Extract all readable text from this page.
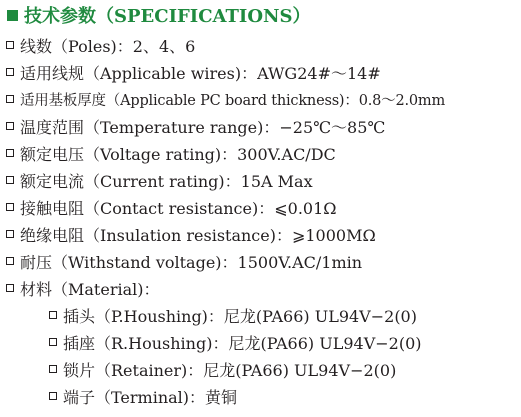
技术参数（SPECIFICATIONS）
线数（Poles)：2、4、6
适用线规（Applicable wires)：AWG24#～14#
适用基板厚度（Applicable PC board thickness)：0.8～2.0mm
温度范围（Temperature range)：−25℃～85℃
额定电压（Voltage rating)：300V.AC/DC
额定电流（Current rating)：15A Max
接触电阻（Contact resistance)：⩽0.01Ω
绝缘电阻（Insulation resistance)：⩾1000MΩ
耐压（Withstand voltage)：1500V.AC/1min
材料（Material)：
插头（P.Houshing)：尼龙(PA66) UL94V−2(0)
插座（R.Houshing)：尼龙(PA66) UL94V−2(0)
锁片（Retainer)：尼龙(PA66) UL94V−2(0)
端子（Terminal)：黄铜
